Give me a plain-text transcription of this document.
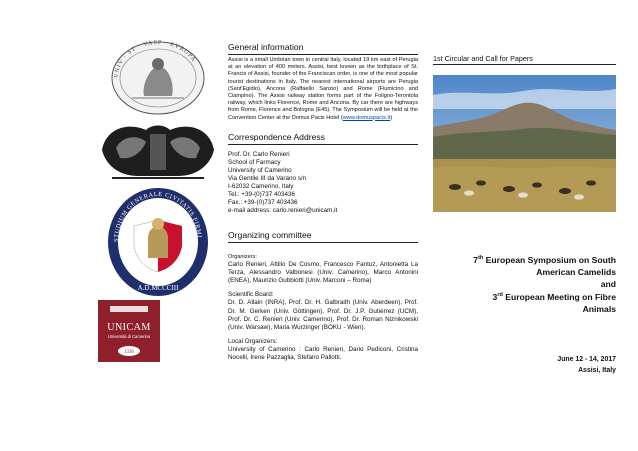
VNIV · ST · VASP · EVROPA
STUDIUM GENERALE CIVITATIS FIRMI
A.D.MCCCIII
UNICAM
Università di Camerino
1336
General information
Assisi is a small Umbrian town in central Italy, located 19 km east of Perugia at an elevation of 400 meters. Assisi, best known as the birthplace of St. Francis of Assisi, founder of the Franciscan order, is one of the most popular tourist destinations in Italy. The nearest international airports are Perugia (Sant'Egidio), Ancona (Raffaello Sanzio) and Rome (Fiumicino and Ciampino). The Assisi railway station forms part of the Foligno-Terontola railway, which links Florence, Rome and Ancona. By car there are highways from Rome, Florence and Bologna (E45). The Symposium will be held at the Convention Center at the Domus Pacis Hotel (www.domuspacis.it)
Correspondence Address
Prof. Dr. Carlo Renieri
School of Farmacy
University of Camerino
Via Gentile III da Varano s/n
I-62032 Camerino. Italy
Tel.: +39-(0)737 403436
Fax.: +39-(0)737 403436
e-mail address: carlo.renieri@unicam.it
Organizing committee
Organizers:
Carlo Renieri, Attilio De Cosmo, Francesco Fantuz, Antonietta La Terza, Alessandro Valbonesi (Univ. Camerino), Marco Antonini (ENEA), Maurizio Gubbiotti (Univ. Marconi – Roma)
Scientific Board:
Dr. D. Allain (INRA), Prof. Dr. H. Galbraith (Univ. Aberdeen), Prof. Dr. M. Gerken (Univ. Göttingen), Prof. Dr. J.P. Gutiérrez (UCM), Prof. Dr. C. Renieri (Univ. Camerino), Prof. Dr. Roman Niznikowski (Univ. Warsaw), Maria Wurzinger (BOKU - Wien).
Local Organizers:
University of Camerino : Carlo Renieri, Dario Pediconi, Cristina Nocelli, Irene Pazzaglia, Stefano Pallotti.
1st Circular and Call for Papers
7th European Symposium on South
American Camelids
and
3rd European Meeting on Fibre
Animals
June 12 - 14, 2017
Assisi, Italy
